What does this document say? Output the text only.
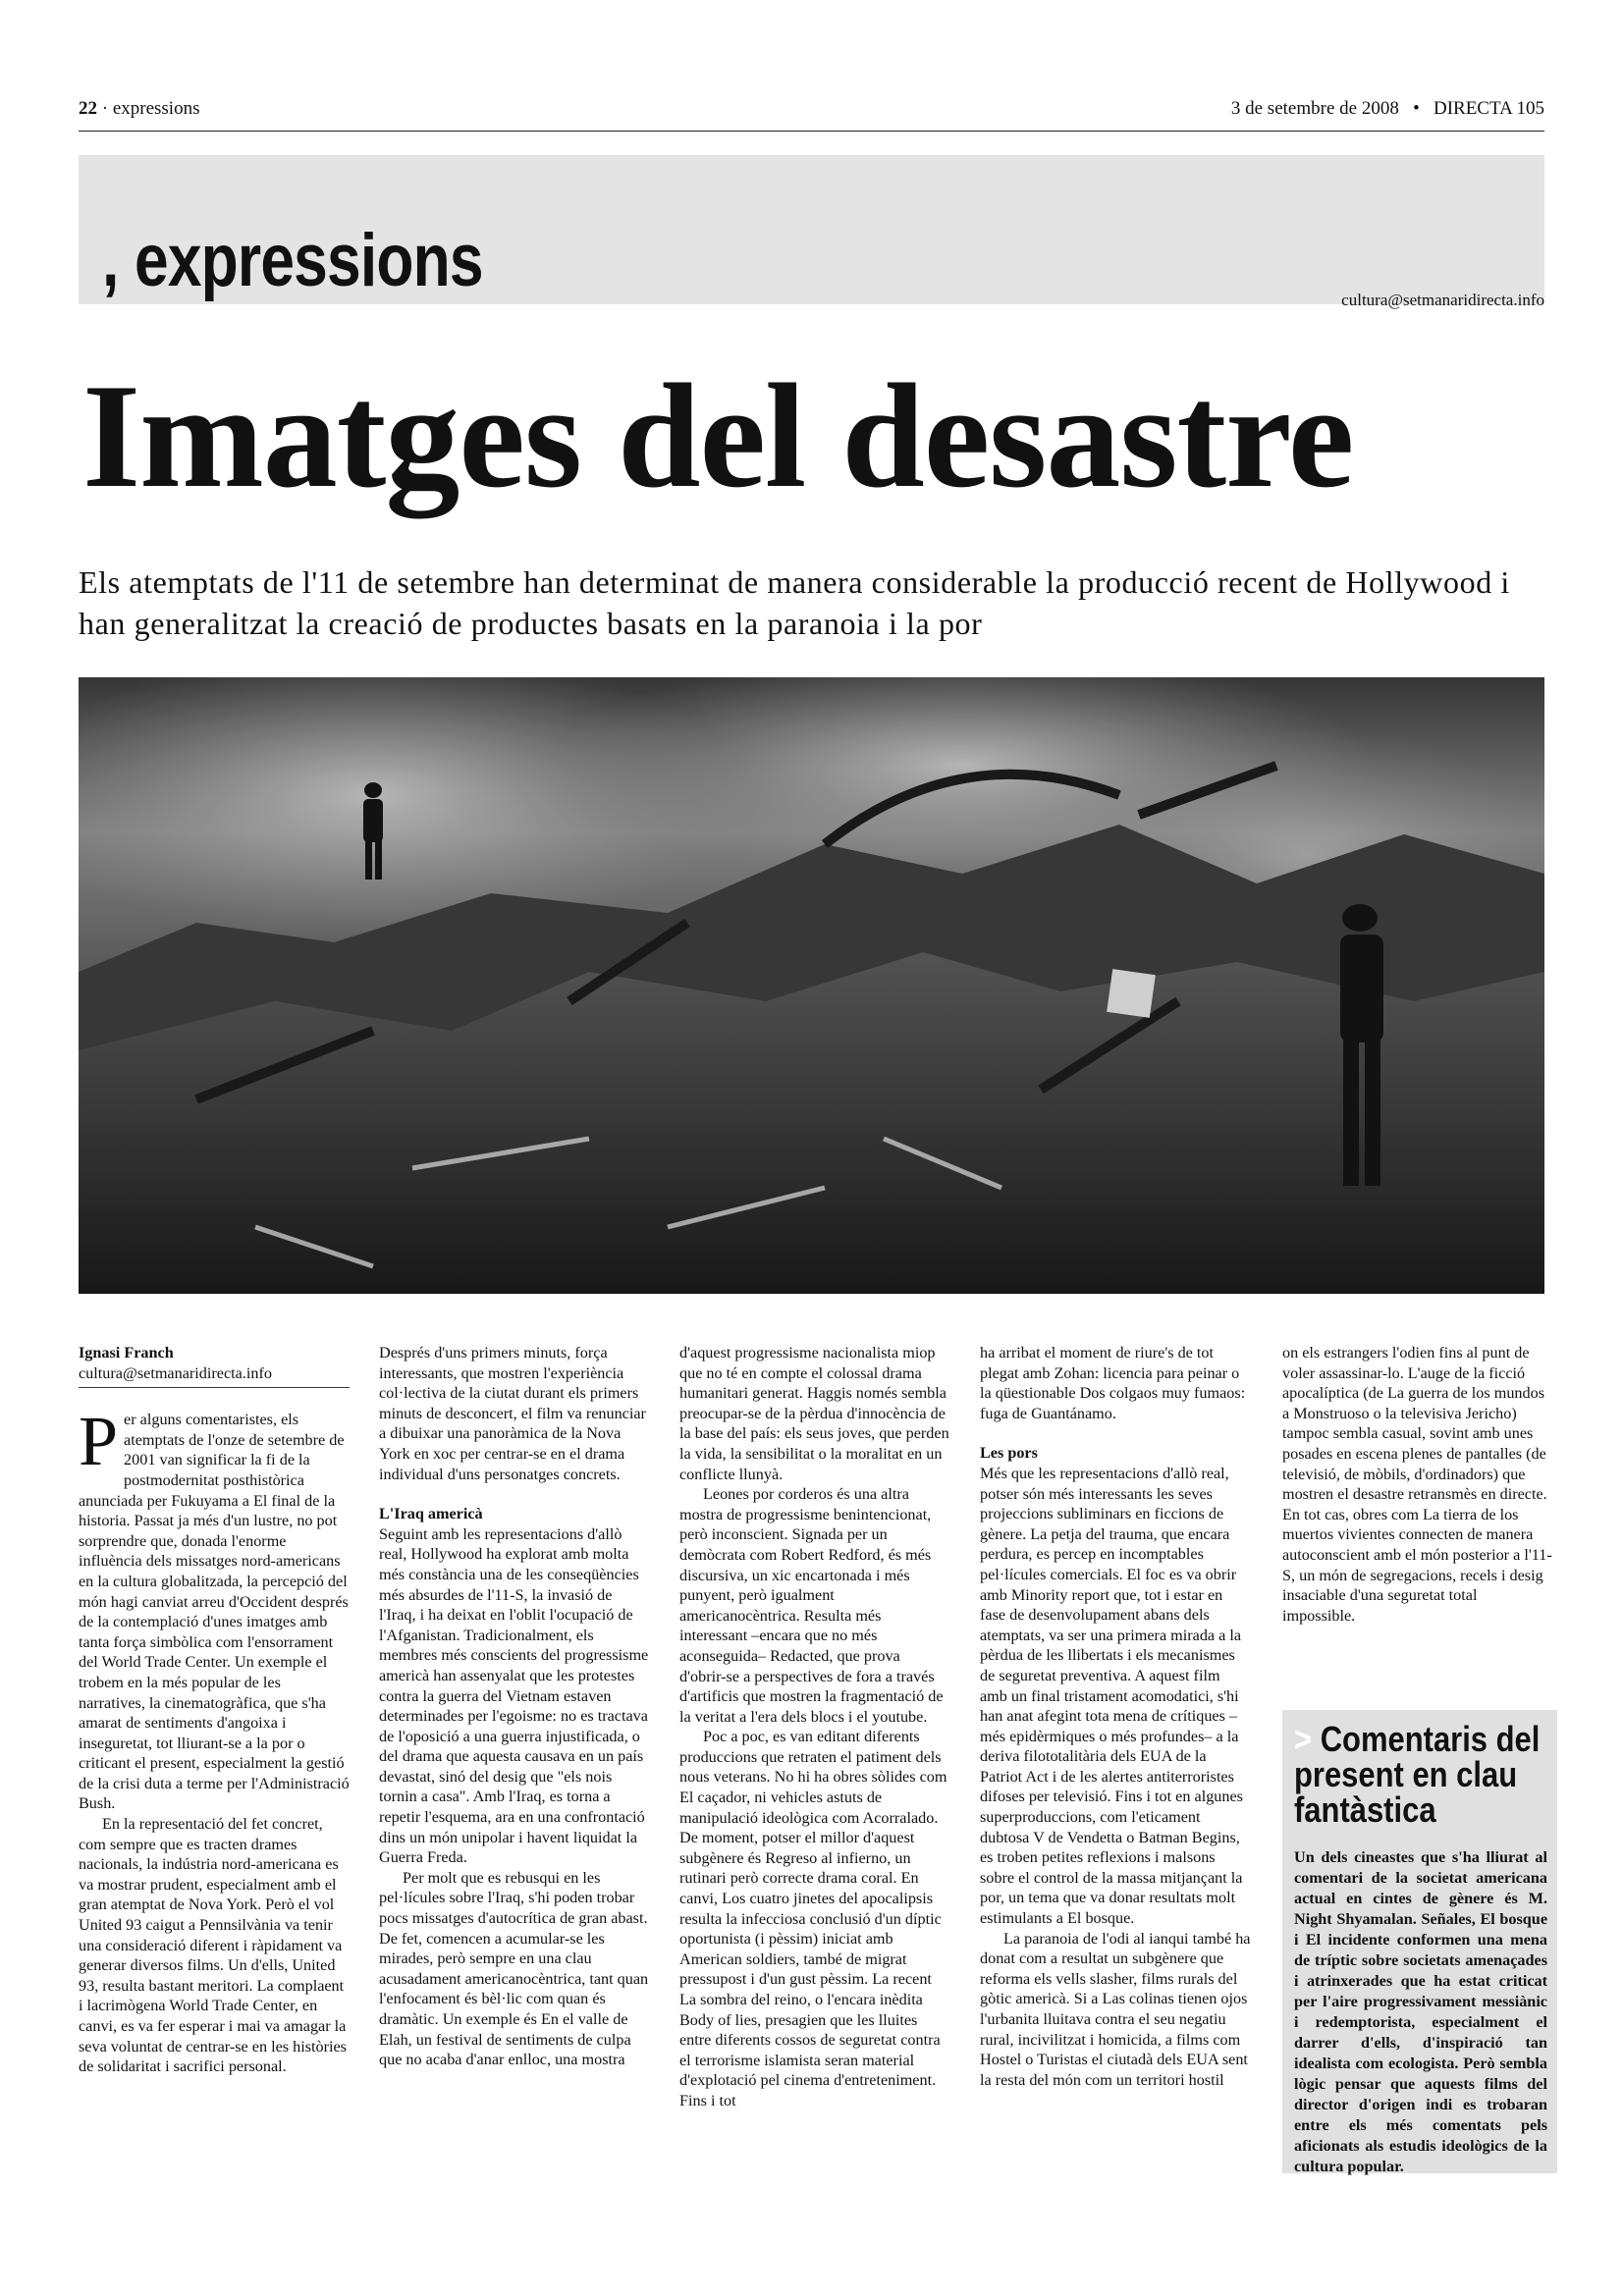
22 · expressions	3 de setembre de 2008 • DIRECTA 105
, expressions	cultura@setmanaridirecta.info
Imatges del desastre
Els atemptats de l'11 de setembre han determinat de manera considerable la producció recent de Hollywood i han generalitzat la creació de productes basats en la paranoia i la por
Ignasi Franch
cultura@setmanaridirecta.info

Per alguns comentaristes, els atemptats de l'onze de setembre de 2001 van significar la fi de la postmodernitat posthistòrica anunciada per Fukuyama a El final de la historia. Passat ja més d'un lustre, no pot sorprendre que, donada l'enorme influència dels missatges nord-americans en la cultura globalitzada, la percepció del món hagi canviat arreu d'Occident després de la contemplació d'unes imatges amb tanta força simbòlica com l'ensorrament del World Trade Center. Un exemple el trobem en la més popular de les narratives, la cinematogràfica, que s'ha amarat de sentiments d'angoixa i inseguretat, tot lliurant-se a la por o criticant el present, especialment la gestió de la crisi duta a terme per l'Administració Bush.

En la representació del fet concret, com sempre que es tracten drames nacionals, la indústria nord-americana es va mostrar prudent, especialment amb el gran atemptat de Nova York. Però el vol United 93 caigut a Pennsilvània va tenir una consideració diferent i ràpidament va generar diversos films. Un d'ells, United 93, resulta bastant meritori. La complaent i lacrimògena World Trade Center, en canvi, es va fer esperar i mai va amagar la seva voluntat de centrar-se en les històries de solidaritat i sacrifici personal.

Després d'uns primers minuts, força interessants, que mostren l'experiència col·lectiva de la ciutat durant els primers minuts de desconcert, el film va renunciar a dibuixar una panoràmica de la Nova York en xoc per centrar-se en el drama individual d'uns personatges concrets.

L'Iraq americà

Seguint amb les representacions d'allò real, Hollywood ha explorat amb molta més constància una de les conseqüències més absurdes de l'11-S, la invasió de l'Iraq, i ha deixat en l'oblit l'ocupació de l'Afganistan. Tradicionalment, els membres més conscients del progressisme americà han assenyalat que les protestes contra la guerra del Vietnam estaven determinades per l'egoisme: no es tractava de l'oposició a una guerra injustificada, o del drama que aquesta causava en un país devastat, sinó del desig que "els nois tornin a casa". Amb l'Iraq, es torna a repetir l'esquema, ara en una confrontació dins un món unipolar i havent liquidat la Guerra Freda.

Per molt que es rebusqui en les pel·lícules sobre l'Iraq, s'hi poden trobar pocs missatges d'autocrítica de gran abast. De fet, comencen a acumular-se les mirades, però sempre en una clau acusadament americanocèntrica, tant quan l'enfocament és bèl·lic com quan és dramàtic. Un exemple és En el valle de Elah, un festival de sentiments de culpa que no acaba d'anar enlloc, una mostra

d'aquest progressisme nacionalista miop que no té en compte el colossal drama humanitari generat. Haggis només sembla preocupar-se de la pèrdua d'innocència de la base del país: els seus joves, que perden la vida, la sensibilitat o la moralitat en un conflicte llunyà.

Leones por corderos és una altra mostra de progressisme benintencionat, però inconscient. Signada per un demòcrata com Robert Redford, és més discursiva, un xic encartonada i més punyent, però igualment americanocèntrica. Resulta més interessant –encara que no més aconseguida– Redacted, que prova d'obrir-se a perspectives de fora a través d'artificis que mostren la fragmentació de la veritat a l'era dels blocs i el youtube.

Poc a poc, es van editant diferents produccions que retraten el patiment dels nous veterans. No hi ha obres sòlides com El caçador, ni vehicles astuts de manipulació ideològica com Acorralado. De moment, potser el millor d'aquest subgènere és Regreso al infierno, un rutinari però correcte drama coral. En canvi, Los cuatro jinetes del apocalipsis resulta la infecciosa conclusió d'un díptic oportunista (i pèssim) iniciat amb American soldiers, també de migrat pressupost i d'un gust pèssim. La recent La sombra del reino, o l'encara inèdita Body of lies, presagien que les lluites entre diferents cossos de seguretat contra el terrorisme islamista seran material d'explotació pel cinema d'entreteniment. Fins i tot

ha arribat el moment de riure's de tot plegat amb Zohan: licencia para peinar o la qüestionable Dos colgaos muy fumaos: fuga de Guantánamo.

Les pors

Més que les representacions d'allò real, potser són més interessants les seves projeccions subliminars en ficcions de gènere. La petja del trauma, que encara perdura, es percep en incomptables pel·lícules comercials. El foc es va obrir amb Minority report que, tot i estar en fase de desenvolupament abans dels atemptats, va ser una primera mirada a la pèrdua de les llibertats i els mecanismes de seguretat preventiva. A aquest film amb un final tristament acomodatici, s'hi han anat afegint tota mena de crítiques –més epidèrmiques o més profundes– a la deriva filototalitària dels EUA de la Patriot Act i de les alertes antiterroristes difoses per televisió. Fins i tot en algunes superproduccions, com l'eticament dubtosa V de Vendetta o Batman Begins, es troben petites reflexions i malsons sobre el control de la massa mitjançant la por, un tema que va donar resultats molt estimulants a El bosque.

La paranoia de l'odi al ianqui també ha donat com a resultat un subgènere que reforma els vells slasher, films rurals del gòtic americà. Si a Las colinas tienen ojos l'urbanita lluitava contra el seu negatiu rural, incivilitzat i homicida, a films com Hostel o Turistas el ciutadà dels EUA sent la resta del món com un territori hostil

on els estrangers l'odien fins al punt de voler assassinar-lo. L'auge de la ficció apocalíptica (de La guerra de los mundos a Monstruoso o la televisiva Jericho) tampoc sembla casual, sovint amb unes posades en escena plenes de pantalles (de televisió, de mòbils, d'ordinadors) que mostren el desastre retransmès en directe. En tot cas, obres com La tierra de los muertos vivientes connecten de manera autoconscient amb el món posterior a l'11-S, un món de segregacions, recels i desig insaciable d'una seguretat total impossible.

> Comentaris del present en clau fantàstica
Un dels cineastes que s'ha lliurat al comentari de la societat americana actual en cintes de gènere és M. Night Shyamalan. Señales, El bosque i El incidente conformen una mena de tríptic sobre societats amenaçades i atrinxerades que ha estat criticat per l'aire progressivament messiànic i redemptorista, especialment el darrer d'ells, d'inspiració tan idealista com ecologista. Però sembla lògic pensar que aquests films del director d'origen indi es trobaran entre els més comentats pels aficionats als estudis ideològics de la cultura popular.
